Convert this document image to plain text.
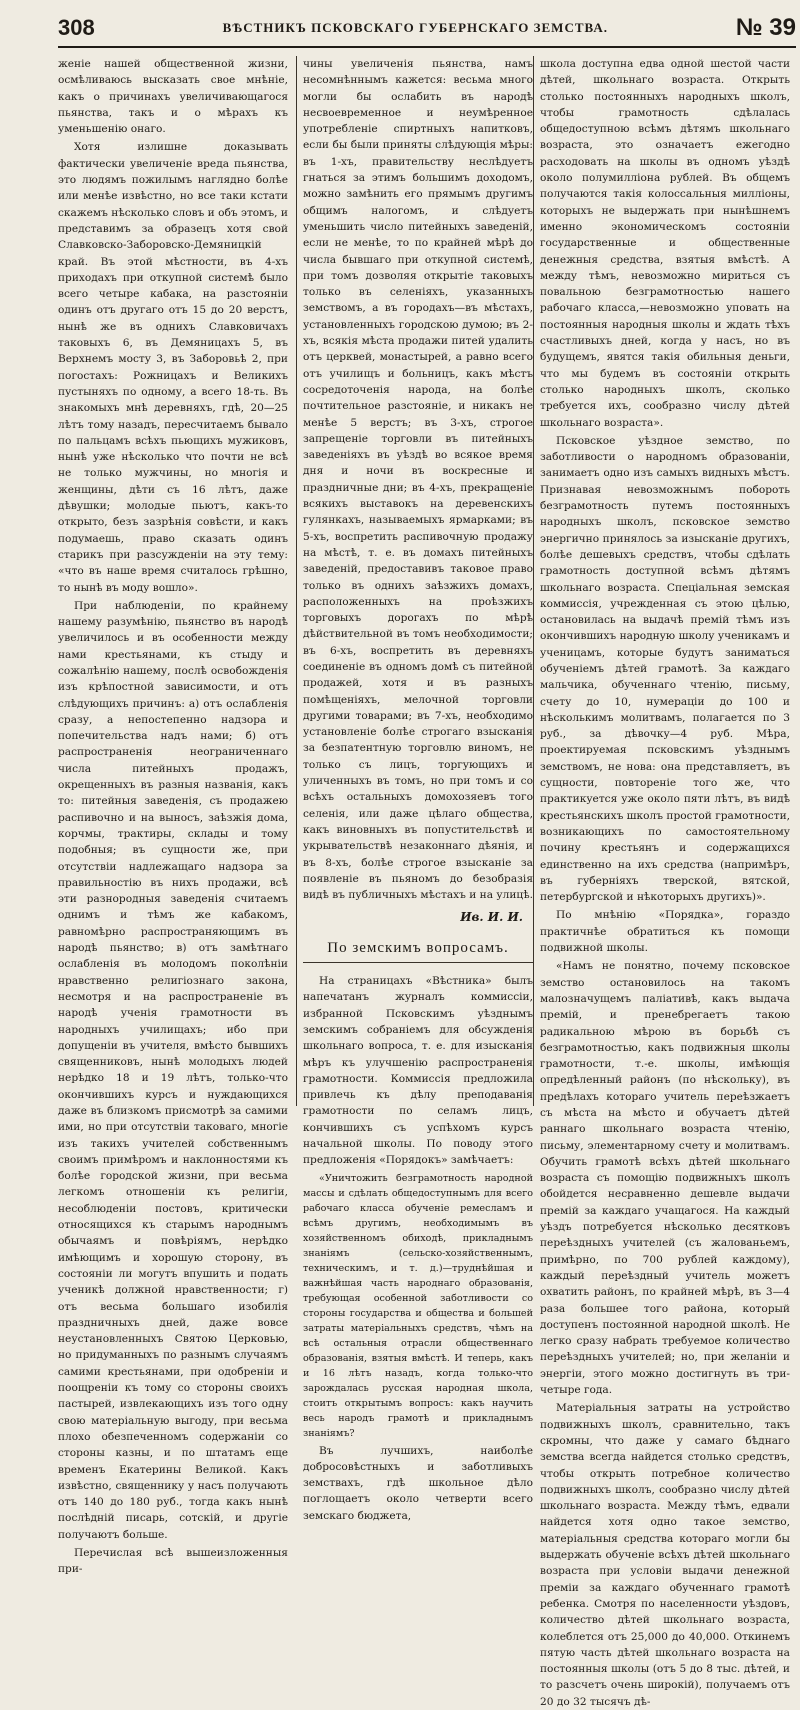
308	ВѢСТНИКЪ ПСКОВСКАГО ГУБЕРНСКАГО ЗЕМСТВА.	№ 39

женіе нашей общественной жизни, осмѣливаюсь высказать свое мнѣніе, какъ о причинахъ увеличивающагося пьянства, такъ и о мѣрахъ къ уменьшенію онаго.

Хотя излишне доказывать фактически увеличеніе вреда пьянства, это людямъ пожилымъ наглядно болѣе или менѣе извѣстно, но все таки кстати скажемъ нѣсколько словъ и объ этомъ, и представимъ за образецъ хотя свой Славковско-Заборовско-Демяницкій край. Въ этой мѣстности, въ 4-хъ приходахъ при откупной системѣ было всего четыре кабака, на разстояніи одинъ отъ другаго отъ 15 до 20 верстъ, нынѣ же въ однихъ Славковичахъ таковыхъ 6, въ Демяницахъ 5, въ Верхнемъ мосту 3, въ Заборовьѣ 2, при погостахъ: Рожницахъ и Великихъ пустыняхъ по одному, а всего 18-ть. Въ знакомыхъ мнѣ деревняхъ, гдѣ, 20—25 лѣтъ тому назадъ, пересчитаемъ бывало по пальцамъ всѣхъ пьющихъ мужиковъ, нынѣ уже нѣсколько что почти не всѣ не только мужчины, но многія и женщины, дѣти съ 16 лѣтъ, даже дѣвушки; молодые пьютъ, какъ-то открыто, безъ зазрѣнія совѣсти, и какъ подумаешь, право сказать одинъ старикъ при разсужденіи на эту тему: «что въ наше время считалось грѣшно, то нынѣ въ моду вошло».

При наблюденіи, по крайнему нашему разумѣнію, пьянство въ народѣ увеличилось и въ особенности между нами крестьянами, къ стыду и сожалѣнію нашему, послѣ освобожденія изъ крѣпостной зависимости, и отъ слѣдующихъ причинъ: а) отъ ослабленія сразу, а непостепенно надзора и попечительства надъ нами; б) отъ распространенія неограниченнаго числа питейныхъ продажъ, окрещенныхъ въ разныя названія, какъ то: питейныя заведенія, съ продажею распивочно и на выносъ, заѣзжія дома, корчмы, трактиры, склады и тому подобныя; въ сущности же, при отсутствіи надлежащаго надзора за правильностію въ нихъ продажи, всѣ эти разнородныя заведенія считаемъ однимъ и тѣмъ же кабакомъ, равномѣрно распространяющимъ въ народѣ пьянство; в) отъ замѣтнаго ослабленія въ молодомъ поколѣніи нравственно религіознаго закона, несмотря и на распространеніе въ народѣ ученія грамотности въ народныхъ училищахъ; ибо при допущеніи въ учителя, вмѣсто бывшихъ священниковъ, нынѣ молодыхъ людей нерѣдко 18 и 19 лѣтъ, только-что окончившихъ курсъ и нуждающихся даже въ близкомъ присмотрѣ за самими ими, но при отсутствіи таковаго, многіе изъ такихъ учителей собственнымъ своимъ примѣромъ и наклонностями къ болѣе городской жизни, при весьма легкомъ отношеніи къ религіи, несоблюденіи постовъ, критически относящихся къ старымъ народнымъ обычаямъ и повѣріямъ, нерѣдко имѣющимъ и хорошую сторону, въ состояніи ли могутъ впушить и подать ученикѣ должной нравственности; г) отъ весьма большаго изобилія праздничныхъ дней, даже вовсе неустановленныхъ Святою Церковью, но придуманныхъ по разнымъ случаямъ самими крестьянами, при одобреніи и поощреніи къ тому со стороны своихъ пастырей, извлекающихъ изъ того одну свою матеріальную выгоду, при весьма плохо обезпеченномъ содержаніи со стороны казны, и по штатамъ еще временъ Екатерины Великой. Какъ извѣстно, священнику у насъ получають отъ 140 до 180 руб., тогда какъ нынѣ послѣдній писарь, сотскій, и другіе получаютъ больше.

Перечислая всѣ вышеизложенныя при-

чины увеличенія пьянства, намъ несомнѣннымъ кажется: весьма много могли бы ослабить въ народѣ несвоевременное и неумѣренное употребленіе спиртныхъ напитковъ, если бы были приняты слѣдующія мѣры: въ 1-хъ, правительству неслѣдуетъ гнаться за этимъ большимъ доходомъ, можно замѣнить его прямымъ другимъ общимъ налогомъ, и слѣдуетъ уменьшить число питейныхъ заведеній, если не менѣе, то по крайней мѣрѣ до числа бывшаго при откупной системѣ, при томъ дозволяя открытіе таковыхъ только въ селеніяхъ, указанныхъ земствомъ, а въ городахъ—въ мѣстахъ, установленныхъ городскою думою; въ 2-хъ, всякія мѣста продажи питей удалить отъ церквей, монастырей, а равно всего отъ училищъ и больницъ, какъ мѣстъ сосредоточенія народа, на болѣе почтительное разстояніе, и никакъ не менѣе 5 верстъ; въ 3-хъ, строгое запрещеніе торговли въ питейныхъ заведеніяхъ въ уѣздѣ во всякое время дня и ночи въ воскресные и праздничные дни; въ 4-хъ, прекращеніе всякихъ выставокъ на деревенскихъ гулянкахъ, называемыхъ ярмарками; въ 5-хъ, воспретить распивочную продажу на мѣстѣ, т. е. въ домахъ питейныхъ заведеній, предоставивъ таковое право только въ однихъ заѣзжихъ домахъ, расположенныхъ на проѣзжихъ торговыхъ дорогахъ по мѣрѣ дѣйствительной въ томъ необходимости; въ 6-хъ, воспретить въ деревняхъ соединеніе въ одномъ домѣ съ питейной продажей, хотя и въ разныхъ помѣщеніяхъ, мелочной торговли другими товарами; въ 7-хъ, необходимо установленіе болѣе строгаго взысканія за безпатентную торговлю виномъ, не только съ лицъ, торгующихъ и уличенныхъ въ томъ, но при томъ и со всѣхъ остальныхъ домохозяевъ того селенія, или даже цѣлаго общества, какъ виновныхъ въ попустительствѣ и укрывательствѣ незаконнаго дѣянія, и въ 8-хъ, болѣе строгое взысканіе за появленіе въ пьяномъ до безобразія видѣ въ публичныхъ мѣстахъ и на улицѣ.

Ив. И. И.
По земскимъ вопросамъ.

На страницахъ «Вѣстника» былъ напечатанъ журналъ коммиссіи, избранной Псковскимъ уѣзднымъ земскимъ собраніемъ для обсужденія школьнаго вопроса, т. е. для изысканія мѣръ къ улучшенію распространенія грамотности. Коммиссія предложила привлечь къ дѣлу преподаванія грамотности по селамъ лицъ, кончившихъ съ успѣхомъ курсъ начальной школы. По поводу этого предложенія «Порядокъ» замѣчаетъ:

«Уничтожить безграмотность народной массы и сдѣлать общедоступнымъ для всего рабочаго класса обученіе ремесламъ и всѣмъ другимъ, необходимымъ въ хозяйственномъ обиходѣ, прикладнымъ знаніямъ (сельско-хозяйственнымъ, техническимъ, и т. д.)—труднѣйшая и важнѣйшая часть народнаго образованія, требующая особенной заботливости со стороны государства и общества и большей затраты матеріальныхъ средствъ, чѣмъ на всѣ остальныя отрасли общественнаго образованія, взятыя вмѣстѣ. И теперь, какъ и 16 лѣтъ назадъ, когда только-что зарождалась русская народная школа, стоитъ открытымъ вопросъ: какъ научить весь народъ грамотѣ и прикладнымъ знаніямъ?

Въ лучшихъ, наиболѣе добросовѣстныхъ и заботливыхъ земствахъ, гдѣ школьное дѣло поглощаетъ около четверти всего земскаго бюджета,

школа доступна едва одной шестой части дѣтей, школьнаго возраста. Открыть столько постоянныхъ народныхъ школъ, чтобы грамотность сдѣлалась общедоступною всѣмъ дѣтямъ школьнаго возраста, это означаетъ ежегодно расходовать на школы въ одномъ уѣздѣ около полумилліона рублей. Въ общемъ получаются такія колоссальныя милліоны, которыхъ не выдержать при нынѣшнемъ именно экономическомъ состояніи государственные и общественные денежныя средства, взятыя вмѣстѣ. А между тѣмъ, невозможно мириться съ повальною безграмотностью нашего рабочаго класса,—невозможно уповать на постоянныя народныя школы и ждать тѣхъ счастливыхъ дней, когда у насъ, но въ будущемъ, явятся такія обильныя деньги, что мы будемъ въ состояніи открыть столько народныхъ школъ, сколько требуется ихъ, сообразно числу дѣтей школьнаго возраста».

Псковское уѣздное земство, по заботливости о народномъ образованіи, занимаетъ одно изъ самыхъ видныхъ мѣстъ. Признавая невозможнымъ побороть безграмотность путемъ постоянныхъ народныхъ школъ, псковское земство энергично принялось за изысканіе другихъ, болѣе дешевыхъ средствъ, чтобы сдѣлать грамотность доступной всѣмъ дѣтямъ школьнаго возраста. Спеціальная земская коммиссія, учрежденная съ этою цѣлью, остановилась на выдачѣ премій тѣмъ изъ окончившихъ народную школу ученикамъ и ученицамъ, которые будутъ заниматься обученіемъ дѣтей грамотѣ. За каждаго мальчика, обученнаго чтенію, письму, счету до 10, нумераціи до 100 и нѣсколькимъ молитвамъ, полагается по 3 руб., за дѣвочку—4 руб. Мѣра, проектируемая псковскимъ уѣзднымъ земствомъ, не нова: она представляетъ, въ сущности, повтореніе того же, что практикуется уже около пяти лѣтъ, въ видѣ крестьянскихъ школъ простой грамотности, возникающихъ по самостоятельному почину крестьянъ и содержащихся единственно на ихъ средства (напримѣръ, въ губерніяхъ тверской, вятской, петербургской и нѣкоторыхъ другихъ)».

По мнѣнію «Порядка», гораздо практичнѣе обратиться къ помощи подвижной школы.

«Намъ не понятно, почему псковское земство остановилось на такомъ малозначущемъ паліативѣ, какъ выдача премій, и пренебрегаетъ такою радикальною мѣрою въ борьбѣ съ безграмотностью, какъ подвижныя школы грамотности, т.-е. школы, имѣющія опредѣленный районъ (по нѣскольку), въ предѣлахъ котораго учитель переѣзжаетъ съ мѣста на мѣсто и обучаетъ дѣтей раннаго школьнаго возраста чтенію, письму, элементарному счету и молитвамъ. Обучить грамотѣ всѣхъ дѣтей школьнаго возраста съ помощію подвижныхъ школъ обойдется несравненно дешевле выдачи премій за каждаго учащагося. На каждый уѣздъ потребуется нѣсколько десятковъ переѣздныхъ учителей (съ жалованьемъ, примѣрно, по 700 рублей каждому), каждый переѣздный учитель можетъ охватить районъ, по крайней мѣрѣ, въ 3—4 раза большее того района, который доступенъ постоянной народной школѣ. Не легко сразу набрать требуемое количество переѣздныхъ учителей; но, при желаніи и энергіи, этого можно достигнуть въ три-четыре года.

Матеріальныя затраты на устройство подвижныхъ школъ, сравнительно, такъ скромны, что даже у самаго бѣднаго земства всегда найдется столько средствъ, чтобы открыть потребное количество подвижныхъ школъ, сообразно числу дѣтей школьнаго возраста. Между тѣмъ, едвали найдется хотя одно такое земство, матеріальныя средства котораго могли бы выдержать обученіе всѣхъ дѣтей школьнаго возраста при условіи выдачи денежной преміи за каждаго обученнаго грамотѣ ребенка. Смотря по населенности уѣздовъ, количество дѣтей школьнаго возраста, колеблется отъ 25,000 до 40,000. Откинемъ пятую часть дѣтей школьнаго возраста на постоянныя школы (отъ 5 до 8 тыс. дѣтей, и то разсчетъ очень широкій), получаемъ отъ 20 до 32 тысячъ дѣ-
